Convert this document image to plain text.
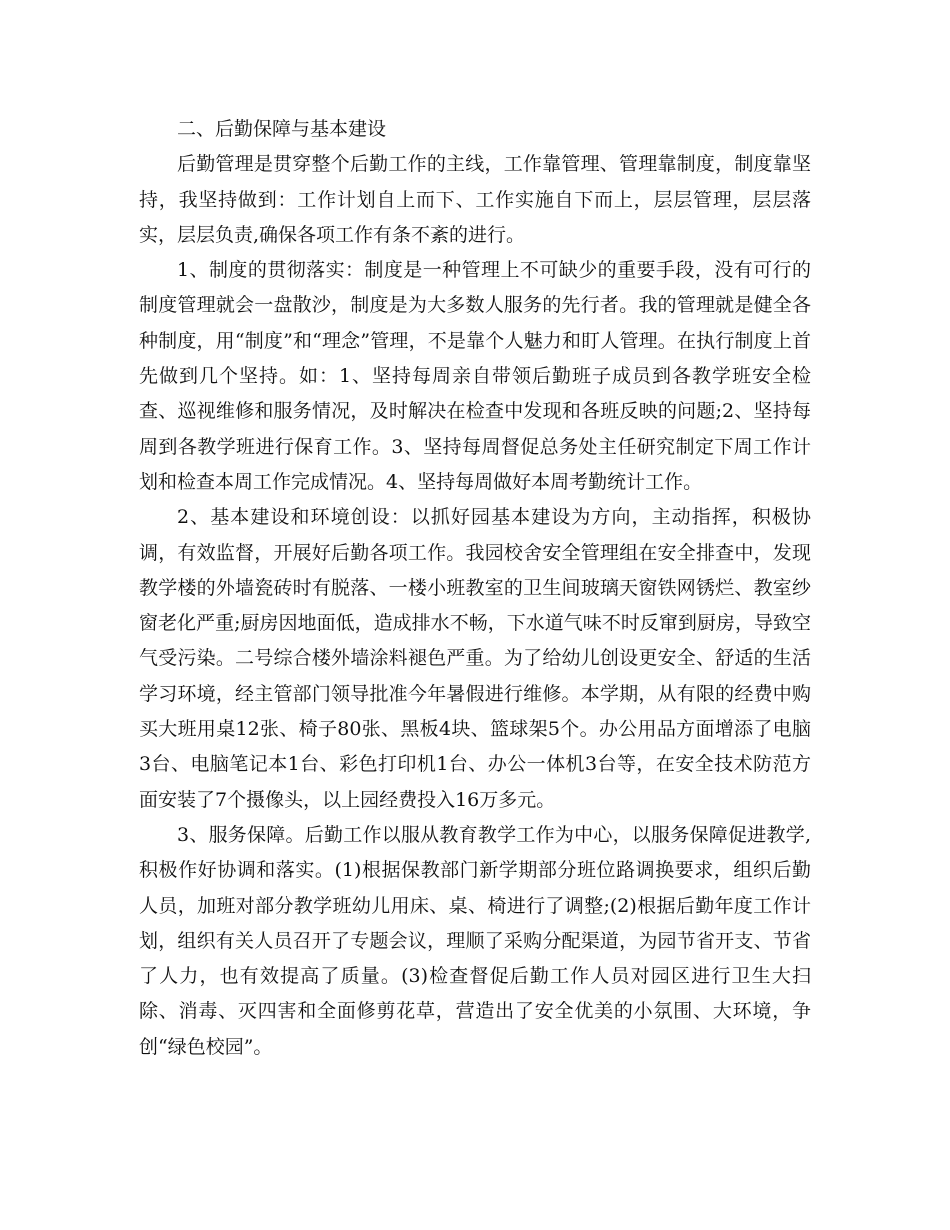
二、后勤保障与基本建设

后勤管理是贯穿整个后勤工作的主线，工作靠管理、管理靠制度，制度靠坚持，我坚持做到：工作计划自上而下、工作实施自下而上，层层管理，层层落实，层层负责,确保各项工作有条不紊的进行。

1、制度的贯彻落实：制度是一种管理上不可缺少的重要手段，没有可行的制度管理就会一盘散沙，制度是为大多数人服务的先行者。我的管理就是健全各种制度，用“制度”和“理念”管理，不是靠个人魅力和盯人管理。在执行制度上首先做到几个坚持。如：1、坚持每周亲自带领后勤班子成员到各教学班安全检查、巡视维修和服务情况，及时解决在检查中发现和各班反映的问题;2、坚持每周到各教学班进行保育工作。3、坚持每周督促总务处主任研究制定下周工作计划和检查本周工作完成情况。4、坚持每周做好本周考勤统计工作。

2、基本建设和环境创设：以抓好园基本建设为方向，主动指挥，积极协调，有效监督，开展好后勤各项工作。我园校舍安全管理组在安全排查中，发现教学楼的外墙瓷砖时有脱落、一楼小班教室的卫生间玻璃天窗铁网锈烂、教室纱窗老化严重;厨房因地面低，造成排水不畅，下水道气味不时反窜到厨房，导致空气受污染。二号综合楼外墙涂料褪色严重。为了给幼儿创设更安全、舒适的生活学习环境，经主管部门领导批准今年暑假进行维修。本学期，从有限的经费中购买大班用桌12张、椅子80张、黑板4块、篮球架5个。办公用品方面增添了电脑3台、电脑笔记本1台、彩色打印机1台、办公一体机3台等，在安全技术防范方面安装了7个摄像头，以上园经费投入16万多元。

3、服务保障。后勤工作以服从教育教学工作为中心，以服务保障促进教学,积极作好协调和落实。(1)根据保教部门新学期部分班位路调换要求，组织后勤人员，加班对部分教学班幼儿用床、桌、椅进行了调整;(2)根据后勤年度工作计划，组织有关人员召开了专题会议，理顺了采购分配渠道，为园节省开支、节省了人力，也有效提高了质量。(3)检查督促后勤工作人员对园区进行卫生大扫除、消毒、灭四害和全面修剪花草，营造出了安全优美的小氛围、大环境，争创“绿色校园”。
